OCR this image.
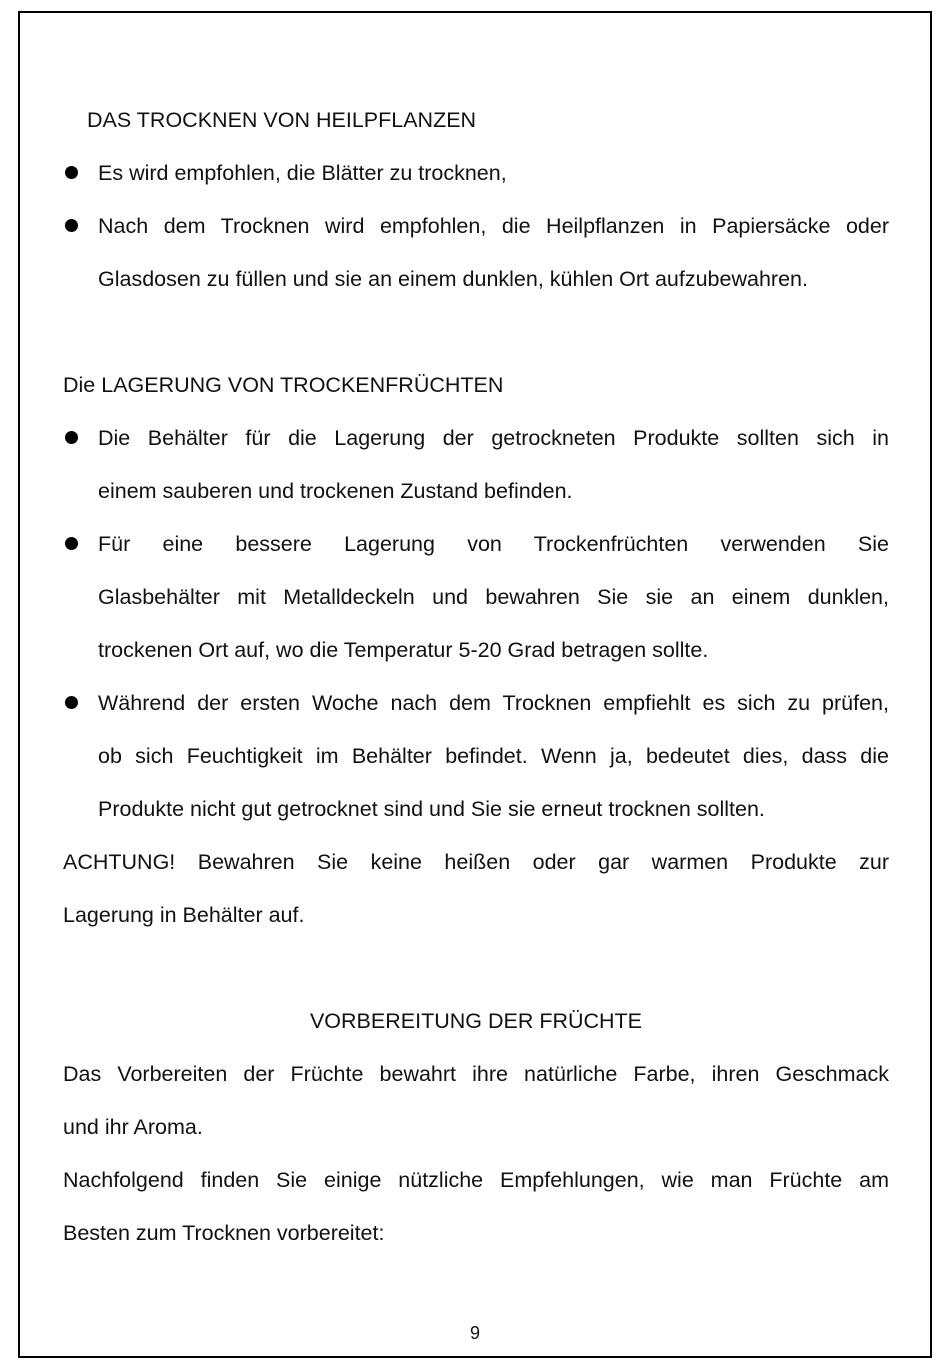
DAS TROCKNEN VON HEILPFLANZEN
Es wird empfohlen, die Blätter zu trocknen,
Nach dem Trocknen wird empfohlen, die Heilpflanzen in Papiersäcke oder
Glasdosen zu füllen und sie an einem dunklen, kühlen Ort aufzubewahren.
Die LAGERUNG VON TROCKENFRÜCHTEN
Die Behälter für die Lagerung der getrockneten Produkte sollten sich in
einem sauberen und trockenen Zustand befinden.
Für eine bessere Lagerung von Trockenfrüchten verwenden Sie
Glasbehälter mit Metalldeckeln und bewahren Sie sie an einem dunklen,
trockenen Ort auf, wo die Temperatur 5-20 Grad betragen sollte.
Während der ersten Woche nach dem Trocknen empfiehlt es sich zu prüfen,
ob sich Feuchtigkeit im Behälter befindet. Wenn ja, bedeutet dies, dass die
Produkte nicht gut getrocknet sind und Sie sie erneut trocknen sollten.
ACHTUNG! Bewahren Sie keine heißen oder gar warmen Produkte zur
Lagerung in Behälter auf.
VORBEREITUNG DER FRÜCHTE
Das Vorbereiten der Früchte bewahrt ihre natürliche Farbe, ihren Geschmack
und ihr Aroma.
Nachfolgend finden Sie einige nützliche Empfehlungen, wie man Früchte am
Besten zum Trocknen vorbereitet:
9
